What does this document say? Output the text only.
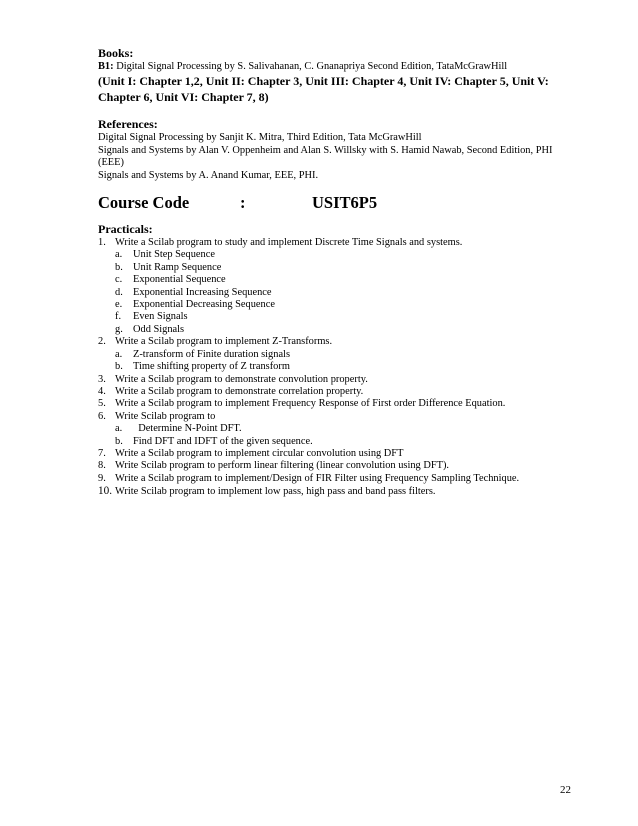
Books:
B1: Digital Signal Processing by S. Salivahanan, C. Gnanapriya Second Edition, TataMcGrawHill
(Unit I: Chapter 1,2, Unit II: Chapter 3, Unit III: Chapter 4, Unit IV: Chapter 5, Unit V:
Chapter 6, Unit VI: Chapter 7, 8)
References:
Digital Signal Processing by Sanjit K. Mitra, Third Edition, Tata McGrawHill
Signals and Systems by Alan V. Oppenheim and Alan S. Willsky with S. Hamid Nawab, Second Edition, PHI
(EEE)
Signals and Systems by A. Anand Kumar, EEE, PHI.
Course Code	:	USIT6P5
Practicals:
1. Write a Scilab program to study and implement Discrete Time Signals and systems.
a. Unit Step Sequence
b. Unit Ramp Sequence
c. Exponential Sequence
d. Exponential Increasing Sequence
e. Exponential Decreasing Sequence
f. Even Signals
g. Odd Signals
2. Write a Scilab program to implement Z-Transforms.
a. Z-transform of Finite duration signals
b. Time shifting property of Z transform
3. Write a Scilab program to demonstrate convolution property.
4. Write a Scilab program to demonstrate correlation property.
5. Write a Scilab program to implement Frequency Response of First order Difference Equation.
6. Write Scilab program to
a. Determine N-Point DFT.
b. Find DFT and IDFT of the given sequence.
7. Write a Scilab program to implement circular convolution using DFT
8. Write Scilab program to perform linear filtering (linear convolution using DFT).
9. Write a Scilab program to implement/Design of FIR Filter using Frequency Sampling Technique.
10. Write Scilab program to implement low pass, high pass and band pass filters.
22
